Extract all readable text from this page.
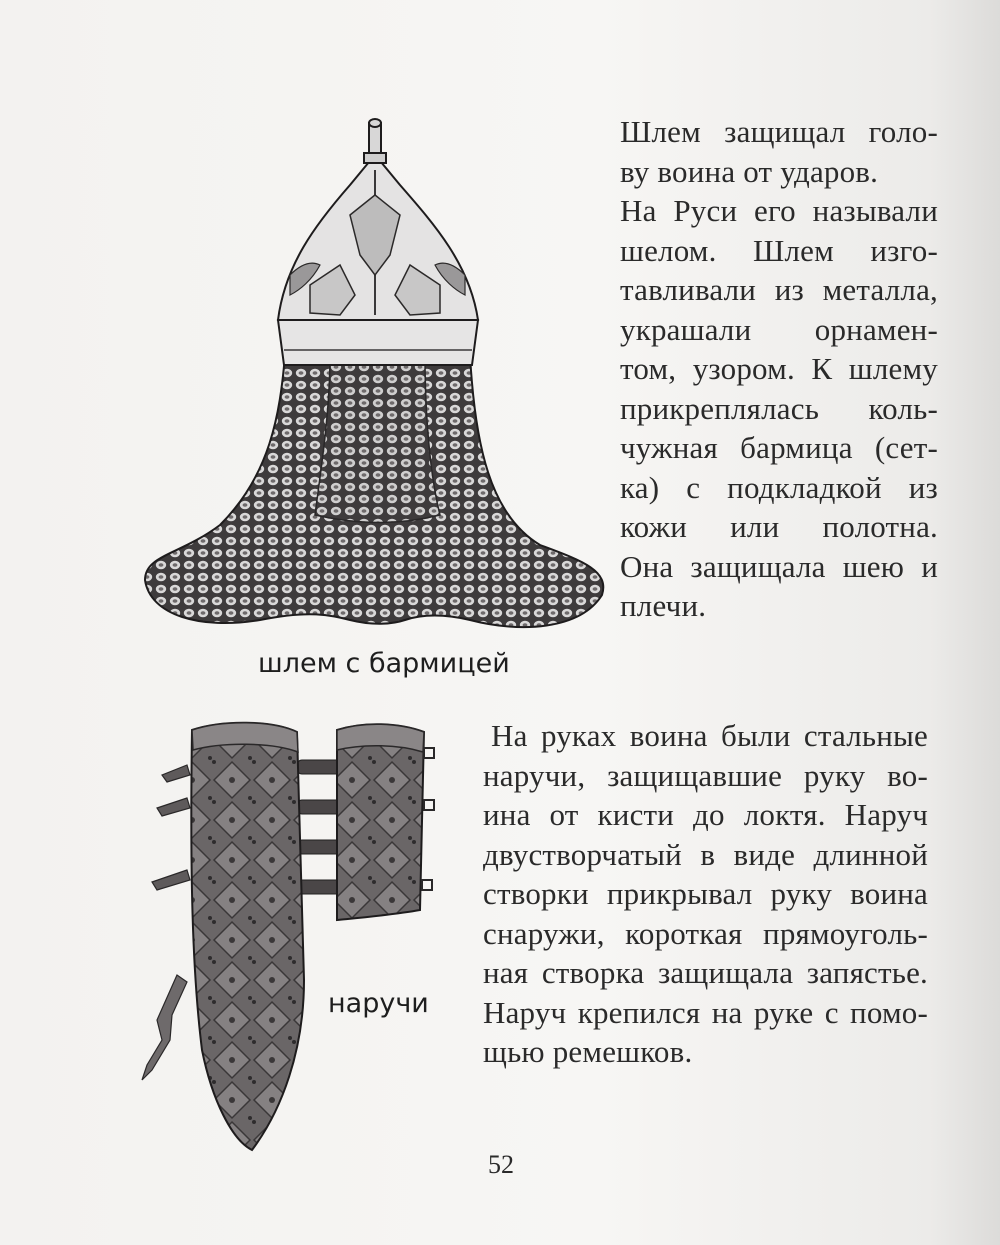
Шлем защищал голо-
ву воина от ударов.
На Руси его называли
шелом. Шлем изго-
тавливали из металла,
украшали орнамен-
том, узором. К шлему
прикреплялась коль-
чужная бармица (сет-
ка) с подкладкой из
кожи или полотна.
Она защищала шею и
плечи.
шлем с бармицей
На руках воина были стальные
наручи, защищавшие руку во-
ина от кисти до локтя. Наруч
двустворчатый в виде длинной
створки прикрывал руку воина
снаружи, короткая прямоуголь-
ная створка защищала запястье.
Наруч крепился на руке с помо-
щью ремешков.
наручи
52
